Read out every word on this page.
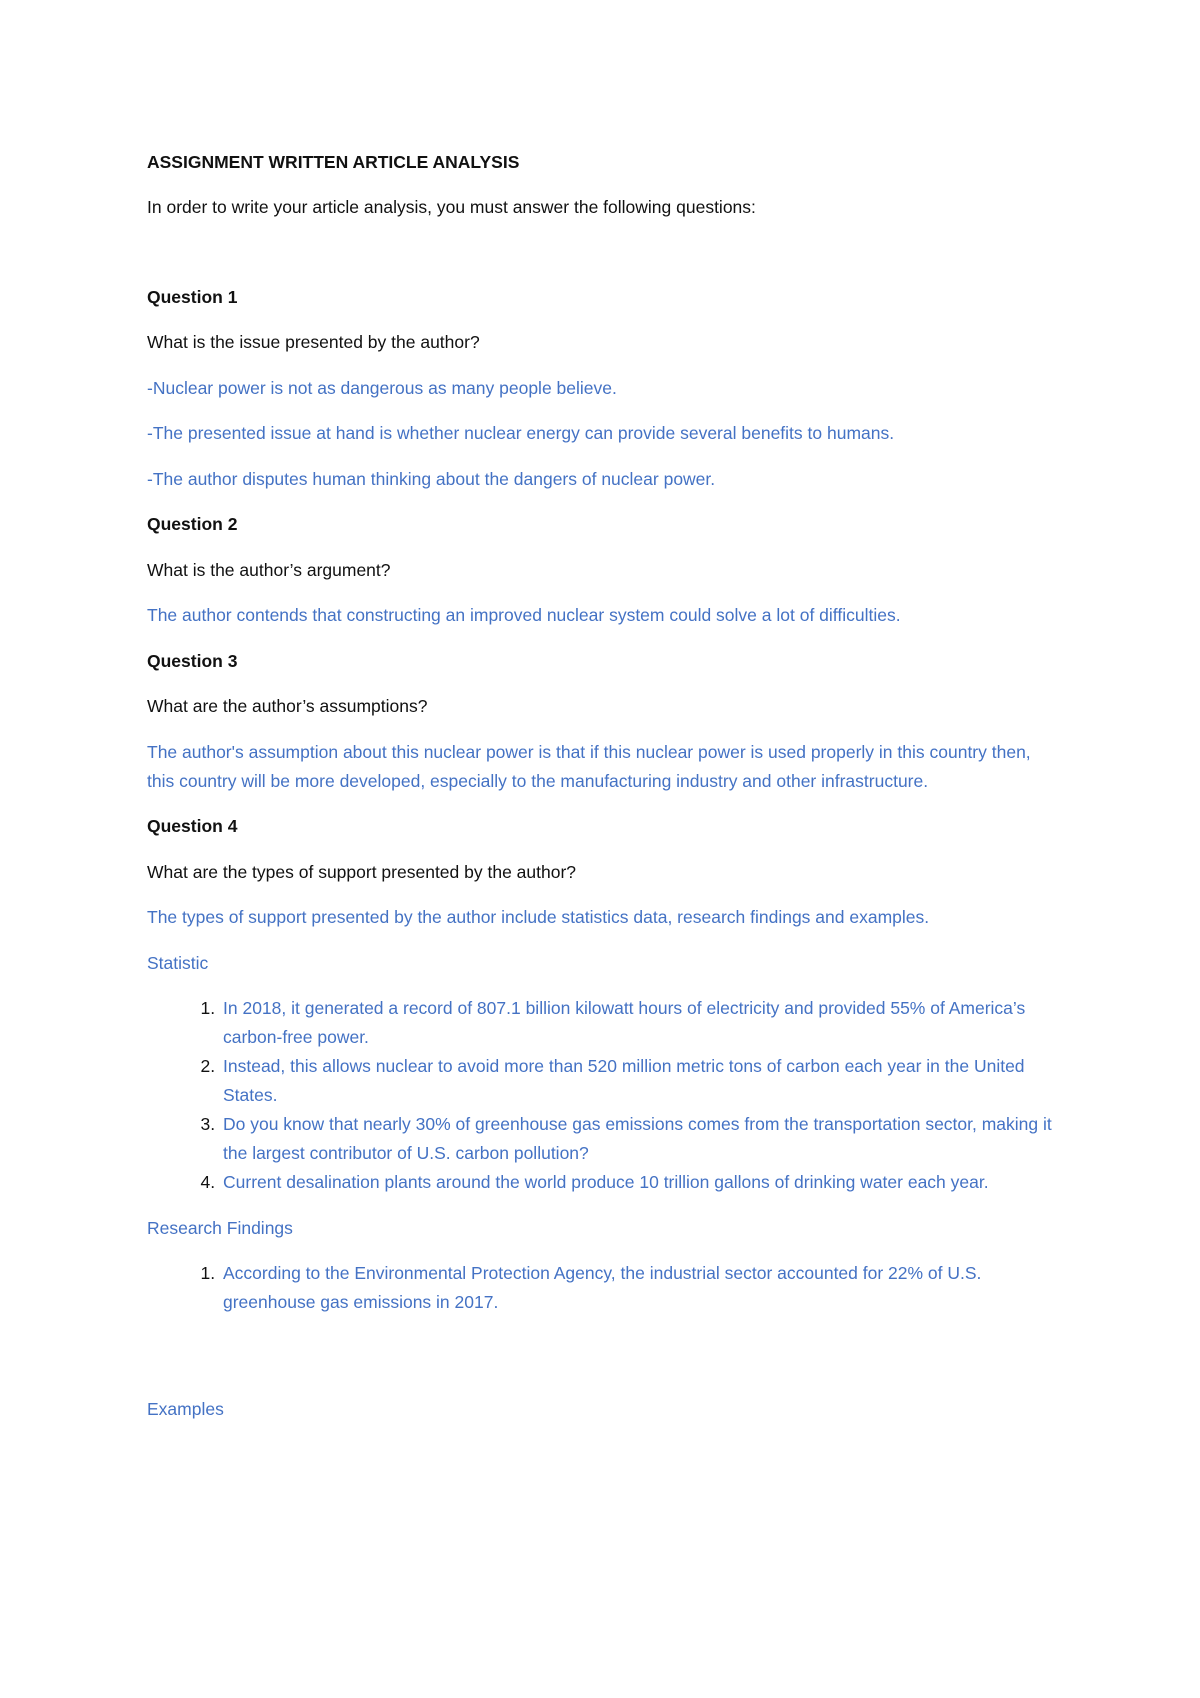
ASSIGNMENT WRITTEN ARTICLE ANALYSIS

In order to write your article analysis, you must answer the following questions:

Question 1

What is the issue presented by the author?

-Nuclear power is not as dangerous as many people believe.

-The presented issue at hand is whether nuclear energy can provide several benefits to humans.

-The author disputes human thinking about the dangers of nuclear power.

Question 2

What is the author’s argument?

The author contends that constructing an improved nuclear system could solve a lot of difficulties.

Question 3

What are the author’s assumptions?

The author's assumption about this nuclear power is that if this nuclear power is used properly in this country then, this country will be more developed, especially to the manufacturing industry and other infrastructure.

Question 4

What are the types of support presented by the author?

The types of support presented by the author include statistics data, research findings and examples.

Statistic

1. In 2018, it generated a record of 807.1 billion kilowatt hours of electricity and provided 55% of America’s carbon-free power.
2. Instead, this allows nuclear to avoid more than 520 million metric tons of carbon each year in the United States.
3. Do you know that nearly 30% of greenhouse gas emissions comes from the transportation sector, making it the largest contributor of U.S. carbon pollution?
4. Current desalination plants around the world produce 10 trillion gallons of drinking water each year.

Research Findings

1. According to the Environmental Protection Agency, the industrial sector accounted for 22% of U.S. greenhouse gas emissions in 2017.

Examples
